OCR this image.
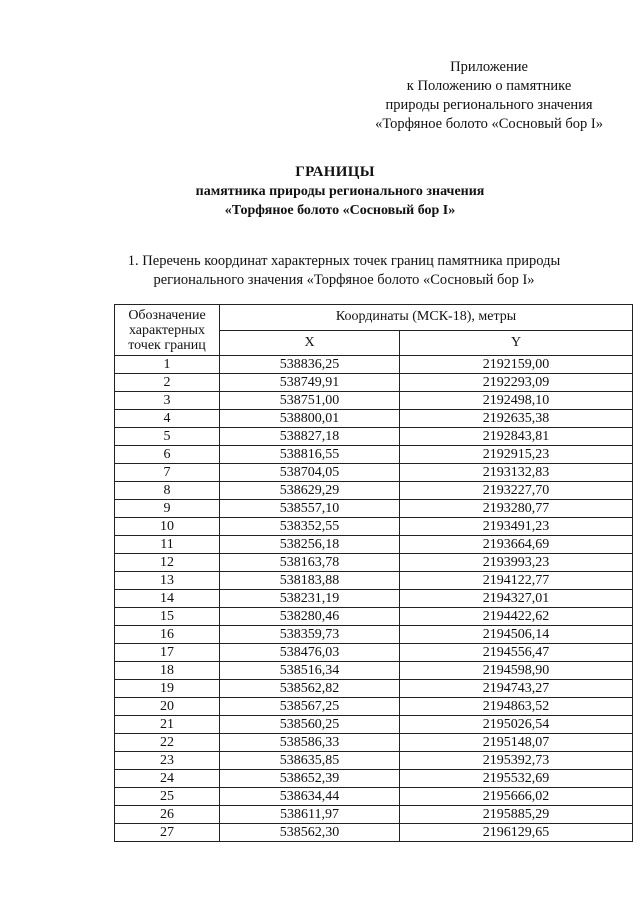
Приложение
к Положению о памятнике
природы регионального значения
«Торфяное болото «Сосновый бор I»
ГРАНИЦЫ
памятника природы регионального значения
«Торфяное болото «Сосновый бор I»
1. Перечень координат характерных точек границ памятника природы
регионального значения «Торфяное болото «Сосновый бор I»
Обозначение характерных точек границ	Координаты (МСК-18), метры	
	X	Y
1	538836,25	2192159,00
2	538749,91	2192293,09
3	538751,00	2192498,10
4	538800,01	2192635,38
5	538827,18	2192843,81
6	538816,55	2192915,23
7	538704,05	2193132,83
8	538629,29	2193227,70
9	538557,10	2193280,77
10	538352,55	2193491,23
11	538256,18	2193664,69
12	538163,78	2193993,23
13	538183,88	2194122,77
14	538231,19	2194327,01
15	538280,46	2194422,62
16	538359,73	2194506,14
17	538476,03	2194556,47
18	538516,34	2194598,90
19	538562,82	2194743,27
20	538567,25	2194863,52
21	538560,25	2195026,54
22	538586,33	2195148,07
23	538635,85	2195392,73
24	538652,39	2195532,69
25	538634,44	2195666,02
26	538611,97	2195885,29
27	538562,30	2196129,65
